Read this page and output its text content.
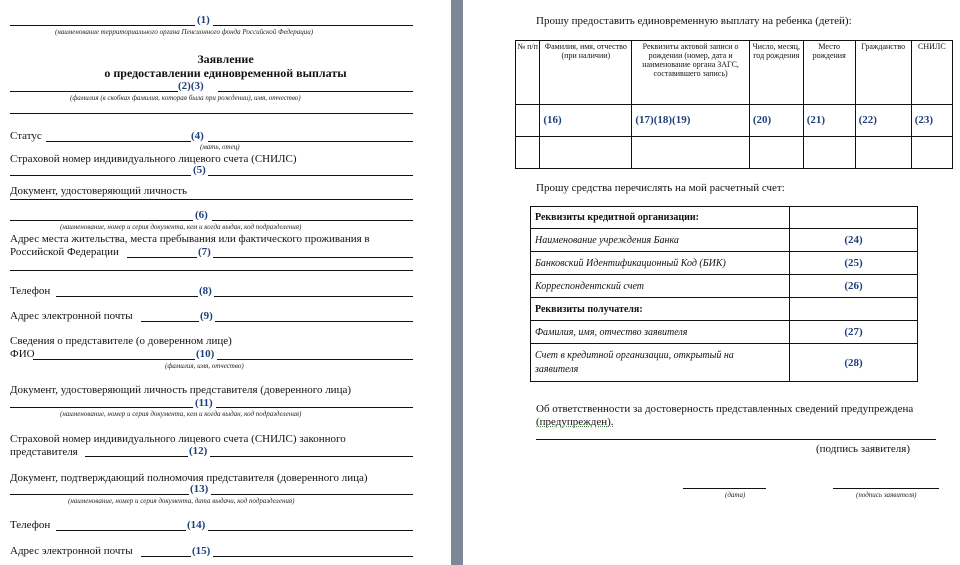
(1)
(наименование территориального органа Пенсионного фонда Российской Федерации)
Заявление
о предоставлении единовременной выплаты
(2)(3)
(фамилия (в скобках фамилия, которая была при рождении), имя, отчество)
Статус	(4)
(мать, отец)
Страховой номер индивидуального лицевого счета (СНИЛС)
(5)
Документ, удостоверяющий личность
(6)
(наименование, номер и серия документа, кем и когда выдан, код подразделения)
Адрес места жительства, места пребывания или фактического проживания в
Российской Федерации	(7)
Телефон	(8)
Адрес электронной почты	(9)
Сведения о представителе (о доверенном лице)
ФИО	(10)
(фамилия, имя, отчество)
Документ, удостоверяющий личность представителя (доверенного лица)
(11)
(наименование, номер и серия документа, кем и когда выдан, код подразделения)
Страховой номер индивидуального лицевого счета (СНИЛС) законного
представителя	(12)
Документ, подтверждающий полномочия представителя (доверенного лица)
(13)
(наименование, номер и серия документа, дата выдачи, код подразделения)
Телефон	(14)
Адрес электронной почты	(15)
Прошу предоставить единовременную выплату на ребенка (детей):
№ п/п	Фамилия, имя, отчество (при наличии)	Реквизиты актовой записи о рождении (номер, дата и наименование органа ЗАГС, составившего запись)	Число, месяц, год рождения	Место рождения	Гражданство	СНИЛС
	(16)	(17)(18)(19)	(20)	(21)	(22)	(23)

Прошу средства перечислять на мой расчетный счет:
Реквизиты кредитной организации:	
Наименование учреждения Банка	(24)
Банковский Идентификационный Код (БИК)	(25)
Корреспондентский счет	(26)
Реквизиты получателя:	
Фамилия, имя, отчество заявителя	(27)
Счет в кредитной организации, открытый на
заявителя	(28)
Об ответственности за достоверность представленных сведений предупреждена
(предупрежден).
(подпись заявителя)
(дата)	(подпись заявителя)
